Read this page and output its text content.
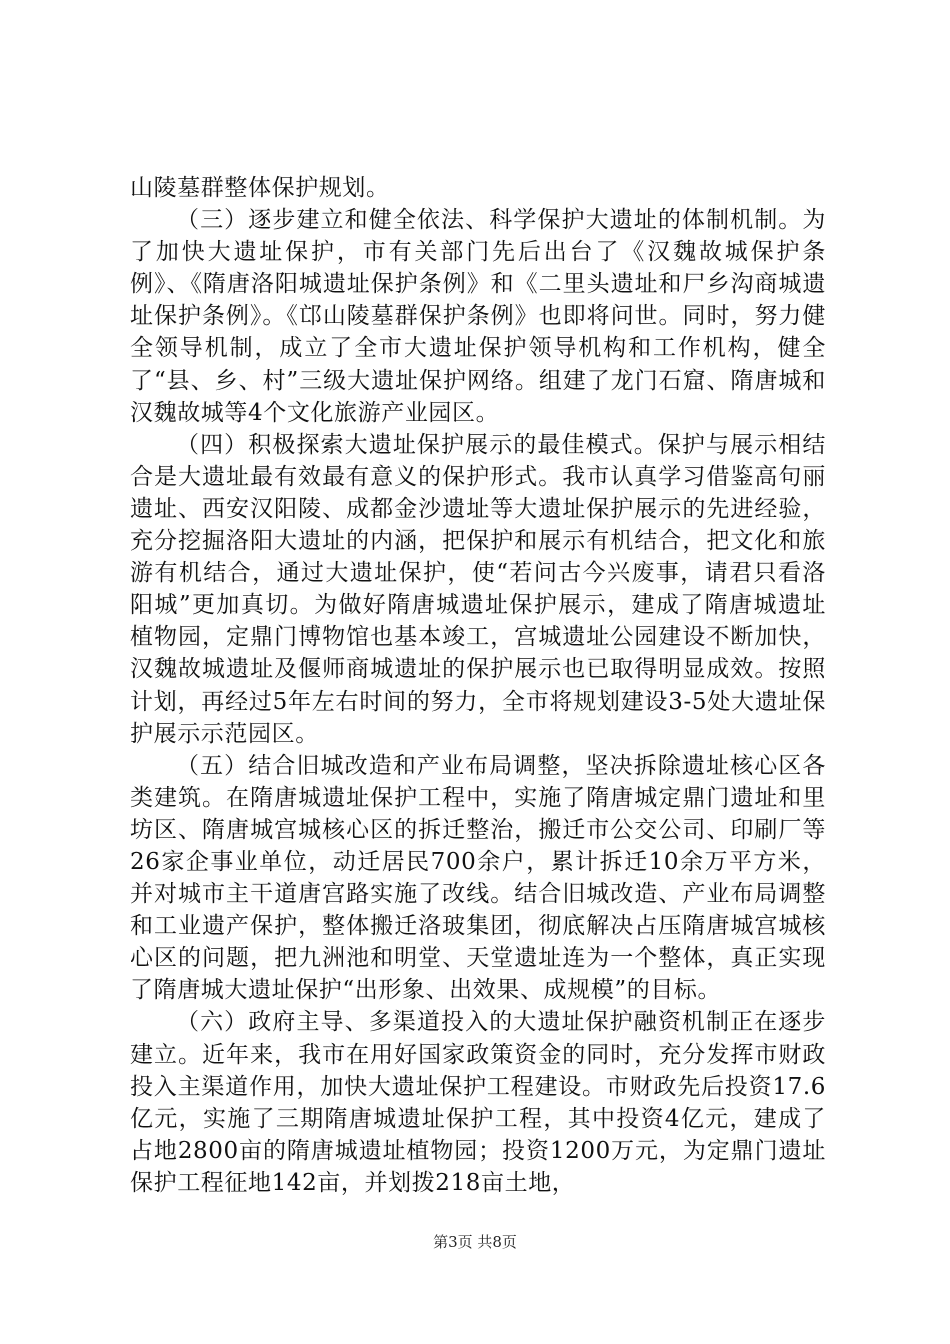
山陵墓群整体保护规划。

（三）逐步建立和健全依法、科学保护大遗址的体制机制。为了加快大遗址保护，市有关部门先后出台了《汉魏故城保护条例》、《隋唐洛阳城遗址保护条例》和《二里头遗址和尸乡沟商城遗址保护条例》。《邙山陵墓群保护条例》也即将问世。同时，努力健全领导机制，成立了全市大遗址保护领导机构和工作机构，健全了“县、乡、村”三级大遗址保护网络。组建了龙门石窟、隋唐城和汉魏故城等4个文化旅游产业园区。

（四）积极探索大遗址保护展示的最佳模式。保护与展示相结合是大遗址最有效最有意义的保护形式。我市认真学习借鉴高句丽遗址、西安汉阳陵、成都金沙遗址等大遗址保护展示的先进经验，充分挖掘洛阳大遗址的内涵，把保护和展示有机结合，把文化和旅游有机结合，通过大遗址保护，使“若问古今兴废事，请君只看洛阳城”更加真切。为做好隋唐城遗址保护展示，建成了隋唐城遗址植物园，定鼎门博物馆也基本竣工，宫城遗址公园建设不断加快，汉魏故城遗址及偃师商城遗址的保护展示也已取得明显成效。按照计划，再经过5年左右时间的努力，全市将规划建设3-5处大遗址保护展示示范园区。

（五）结合旧城改造和产业布局调整，坚决拆除遗址核心区各类建筑。在隋唐城遗址保护工程中，实施了隋唐城定鼎门遗址和里坊区、隋唐城宫城核心区的拆迁整治，搬迁市公交公司、印刷厂等26家企事业单位，动迁居民700余户，累计拆迁10余万平方米，并对城市主干道唐宫路实施了改线。结合旧城改造、产业布局调整和工业遗产保护，整体搬迁洛玻集团，彻底解决占压隋唐城宫城核心区的问题，把九洲池和明堂、天堂遗址连为一个整体，真正实现了隋唐城大遗址保护“出形象、出效果、成规模”的目标。

（六）政府主导、多渠道投入的大遗址保护融资机制正在逐步建立。近年来，我市在用好国家政策资金的同时，充分发挥市财政投入主渠道作用，加快大遗址保护工程建设。市财政先后投资17.6亿元，实施了三期隋唐城遗址保护工程，其中投资4亿元，建成了占地2800亩的隋唐城遗址植物园；投资1200万元，为定鼎门遗址保护工程征地142亩，并划拨218亩土地，

第3页 共8页
